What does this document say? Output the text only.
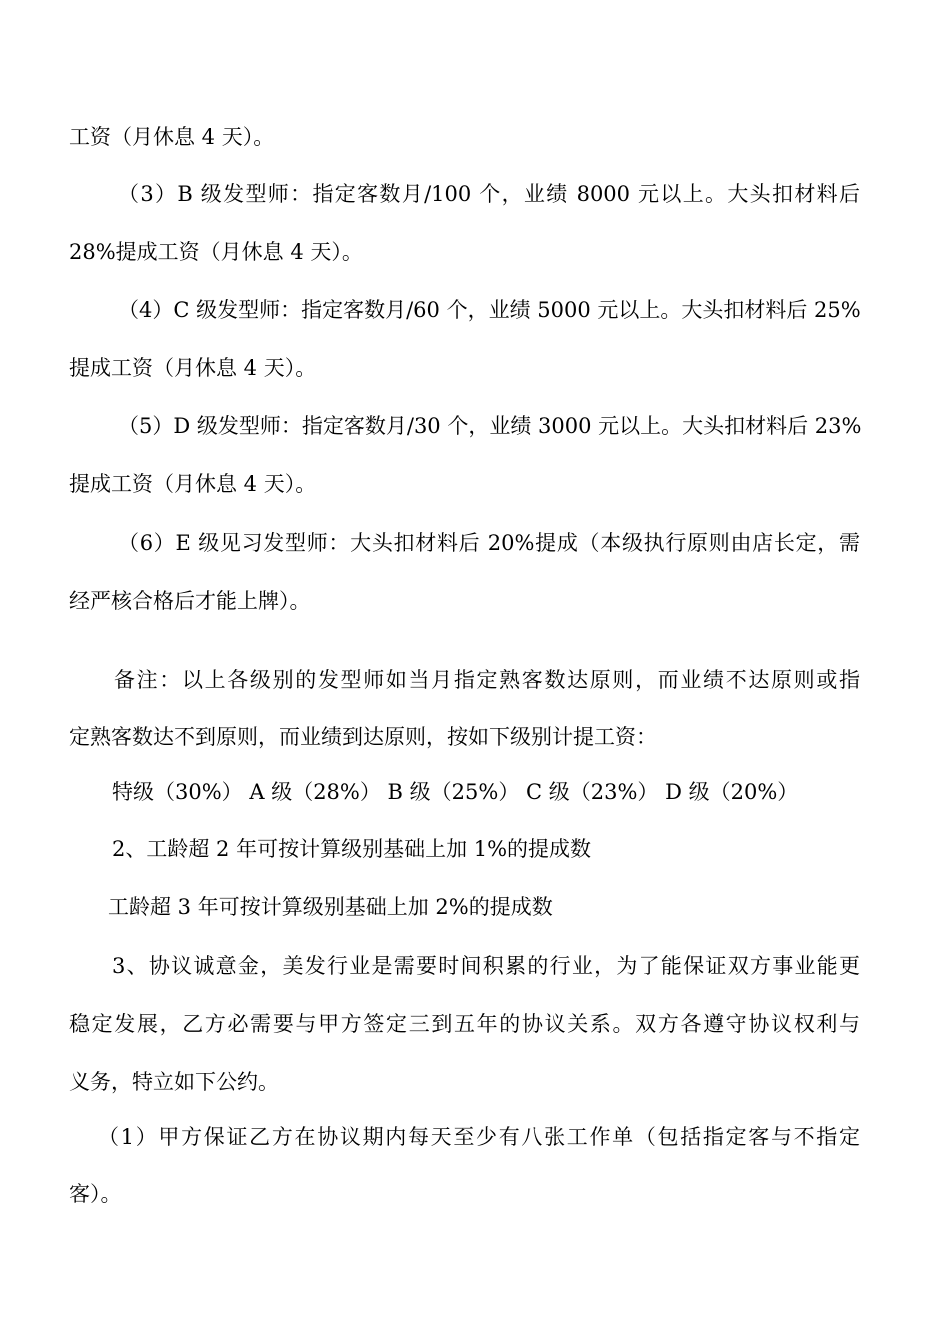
工资（月休息 4 天）。
（3）B 级发型师：指定客数月/100 个，业绩 8000 元以上。大头扣材料后
28%提成工资（月休息 4 天）。
（4）C 级发型师：指定客数月/60 个，业绩 5000 元以上。大头扣材料后 25%
提成工资（月休息 4 天）。
（5）D 级发型师：指定客数月/30 个，业绩 3000 元以上。大头扣材料后 23%
提成工资（月休息 4 天）。
（6）E 级见习发型师：大头扣材料后 20%提成（本级执行原则由店长定，需
经严核合格后才能上牌）。
备注：以上各级别的发型师如当月指定熟客数达原则，而业绩不达原则或指
定熟客数达不到原则，而业绩到达原则，按如下级别计提工资：
特级（30%） A 级（28%） B 级（25%） C 级（23%） D 级（20%）
2、工龄超 2 年可按计算级别基础上加 1%的提成数
工龄超 3 年可按计算级别基础上加 2%的提成数
3、协议诚意金，美发行业是需要时间积累的行业，为了能保证双方事业能更
稳定发展，乙方必需要与甲方签定三到五年的协议关系。双方各遵守协议权利与
义务，特立如下公约。
（1）甲方保证乙方在协议期内每天至少有八张工作单（包括指定客与不指定
客）。
